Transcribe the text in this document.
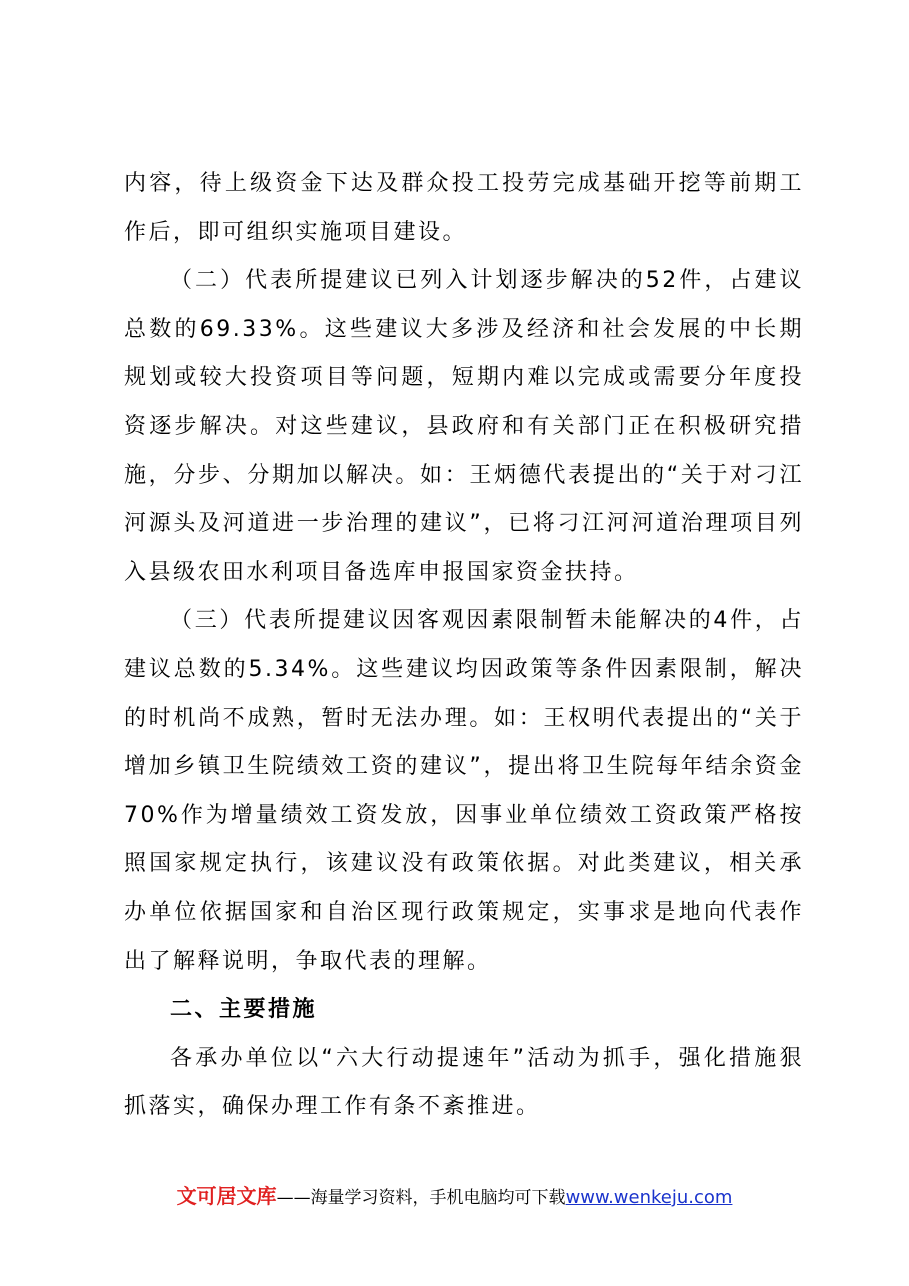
内容，待上级资金下达及群众投工投劳完成基础开挖等前期工作后，即可组织实施项目建设。

（二）代表所提建议已列入计划逐步解决的52件，占建议总数的69.33%。这些建议大多涉及经济和社会发展的中长期规划或较大投资项目等问题，短期内难以完成或需要分年度投资逐步解决。对这些建议，县政府和有关部门正在积极研究措施，分步、分期加以解决。如：王炳德代表提出的“关于对刁江河源头及河道进一步治理的建议”，已将刁江河河道治理项目列入县级农田水利项目备选库申报国家资金扶持。

（三）代表所提建议因客观因素限制暂未能解决的4件，占建议总数的5.34%。这些建议均因政策等条件因素限制，解决的时机尚不成熟，暂时无法办理。如：王权明代表提出的“关于增加乡镇卫生院绩效工资的建议”，提出将卫生院每年结余资金70%作为增量绩效工资发放，因事业单位绩效工资政策严格按照国家规定执行，该建议没有政策依据。对此类建议，相关承办单位依据国家和自治区现行政策规定，实事求是地向代表作出了解释说明，争取代表的理解。

二、主要措施

各承办单位以“六大行动提速年”活动为抓手，强化措施狠抓落实，确保办理工作有条不紊推进。

文可居文库——海量学习资料，手机电脑均可下载www.wenkeju.com
